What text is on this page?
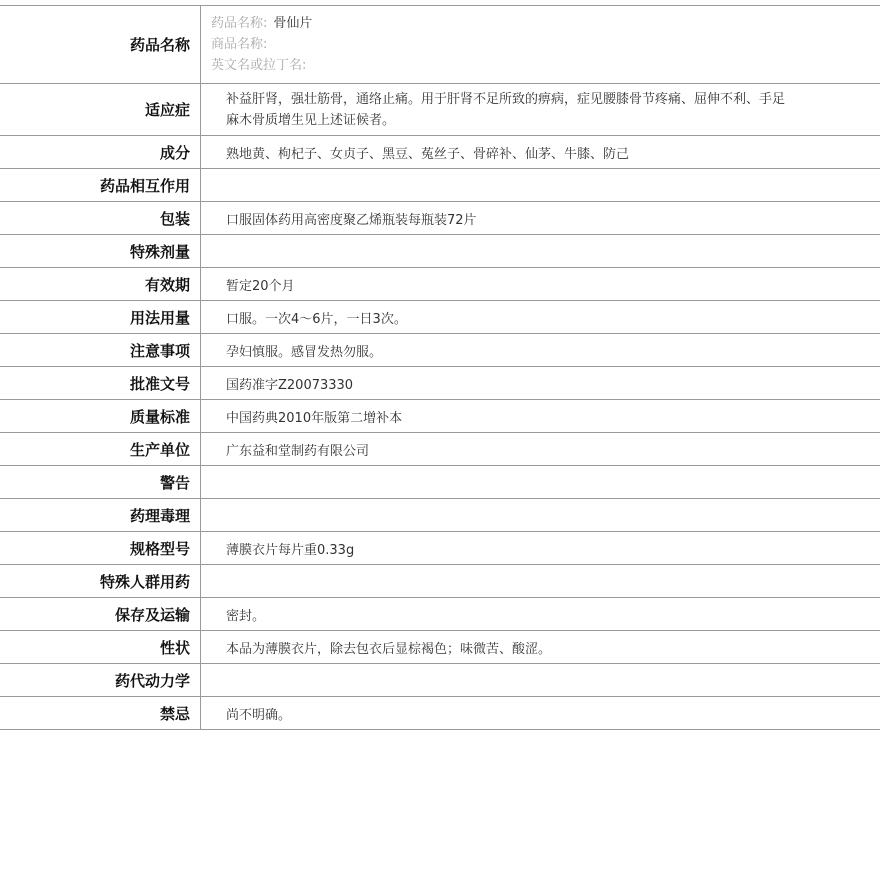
药品名称	药品名称: 骨仙片
商品名称:
英文名或拉丁名:

适应症	补益肝肾，强壮筋骨，通络止痛。用于肝肾不足所致的痹病，症见腰膝骨节疼痛、屈伸不利、手足麻木骨质增生见上述证候者。

成分	熟地黄、枸杞子、女贞子、黑豆、菟丝子、骨碎补、仙茅、牛膝、防己
药品相互作用	
包装	口服固体药用高密度聚乙烯瓶装每瓶装72片
特殊剂量	
有效期	暂定20个月
用法用量	口服。一次4～6片，一日3次。
注意事项	孕妇慎服。感冒发热勿服。
批准文号	国药准字Z20073330
质量标准	中国药典2010年版第二增补本
生产单位	广东益和堂制药有限公司
警告	
药理毒理	
规格型号	薄膜衣片每片重0.33g
特殊人群用药	
保存及运输	密封。
性状	本品为薄膜衣片，除去包衣后显棕褐色；味微苦、酸涩。
药代动力学	
禁忌	尚不明确。
